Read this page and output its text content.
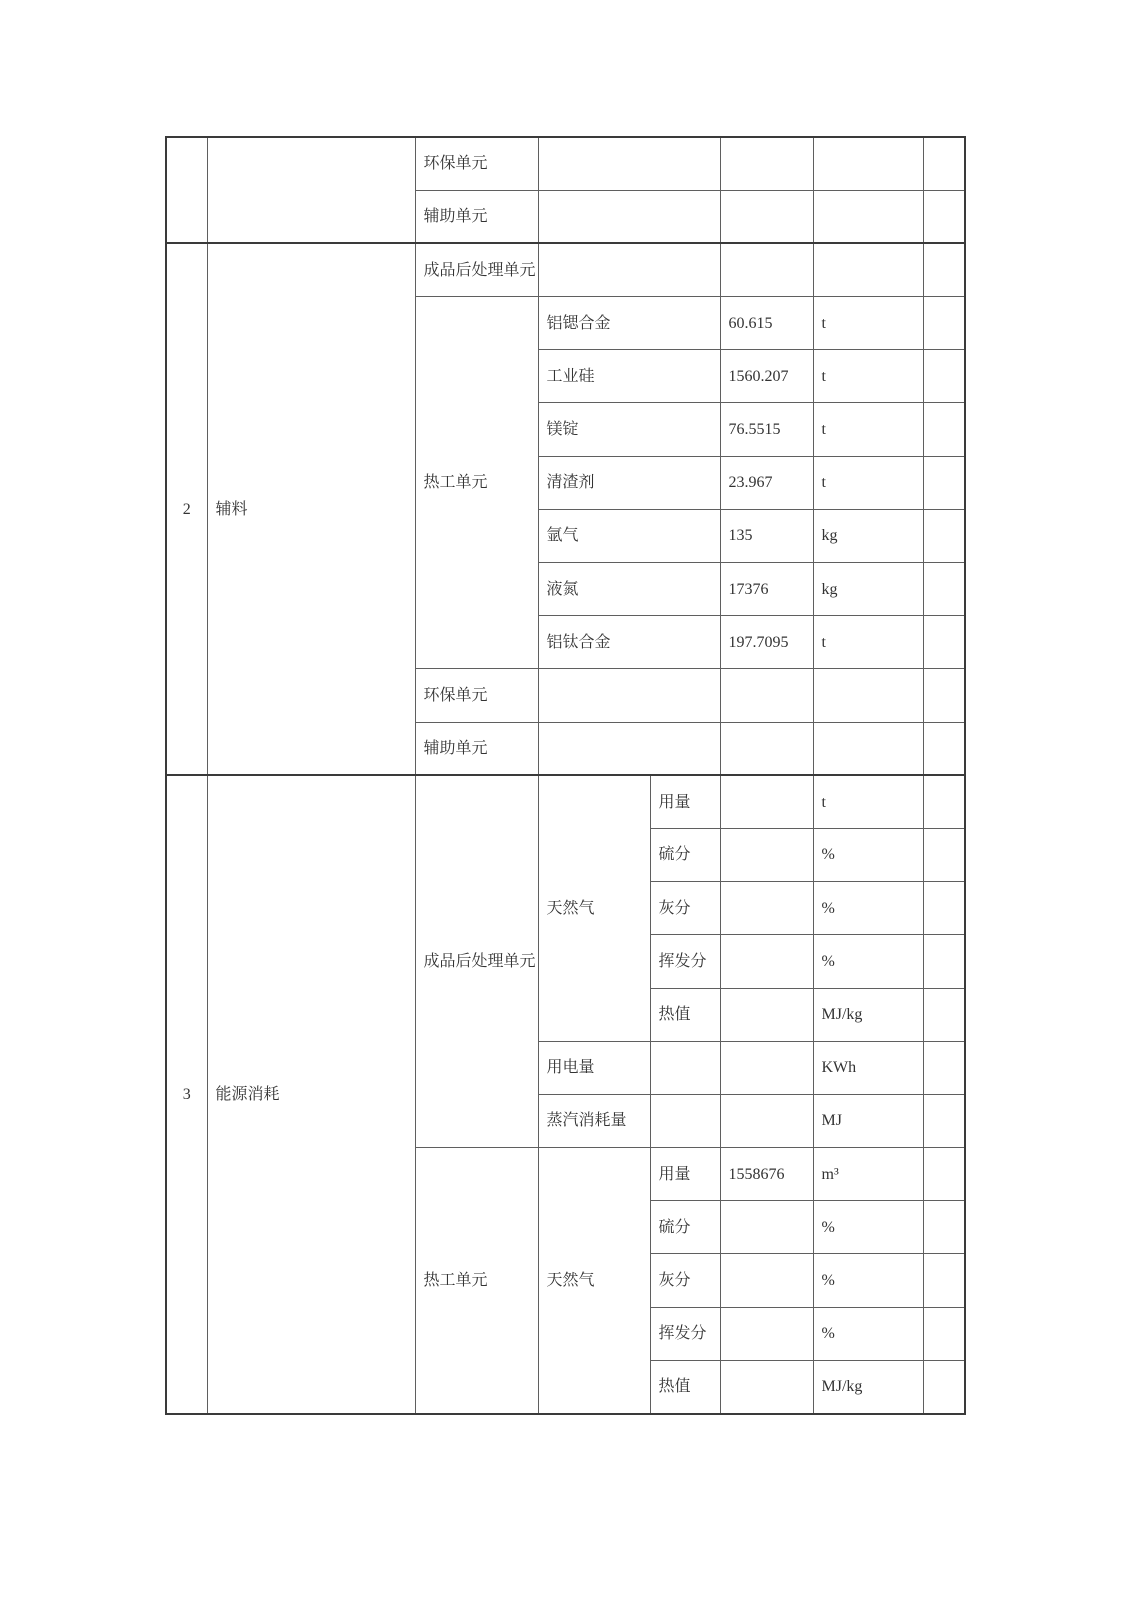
		环保单元					
		辅助单元					
2	辅料	成品后处理单元					
		热工单元	铝锶合金		60.615	t	
			工业硅		1560.207	t	
			镁锭		76.5515	t	
			清渣剂		23.967	t	
			氩气		135	kg	
			液氮		17376	kg	
			铝钛合金		197.7095	t	
		环保单元					
		辅助单元					
3	能源消耗	成品后处理单元	天然气	用量		t	
				硫分		%	
				灰分		%	
				挥发分		%	
				热值		MJ/kg	
			用电量			KWh	
			蒸汽消耗量			MJ	
		热工单元	天然气	用量	1558676	m³	
				硫分		%	
				灰分		%	
				挥发分		%	
				热值		MJ/kg	
